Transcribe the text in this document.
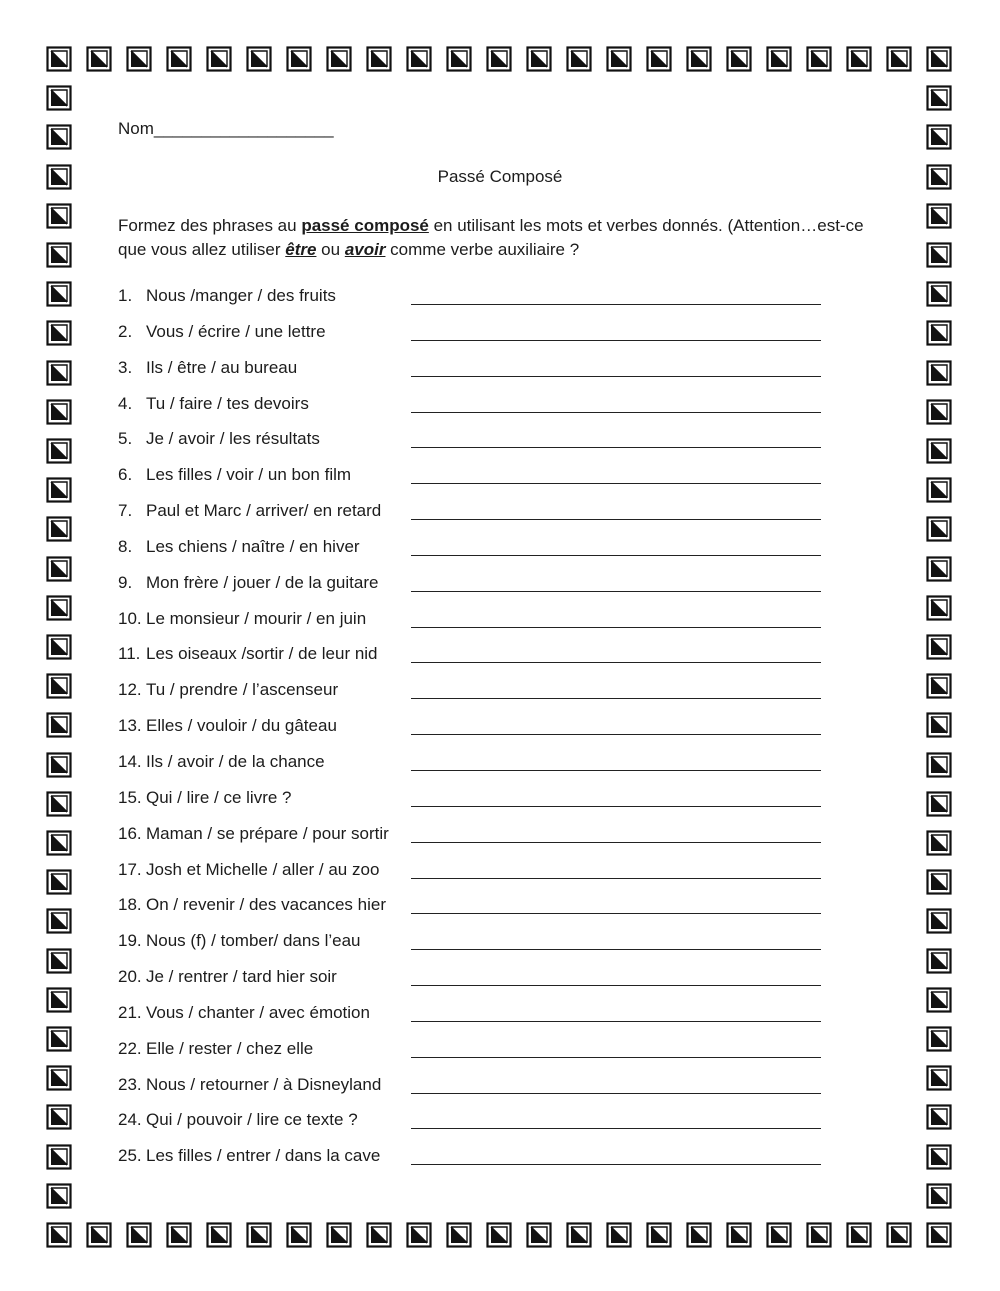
Nom___________________
Passé Composé
Formez des phrases au passé composé en utilisant les mots et verbes donnés. (Attention…est-ce que vous allez utiliser être ou avoir comme verbe auxiliaire ?
1. Nous /manger / des fruits
2. Vous / écrire / une lettre
3. Ils / être / au bureau
4. Tu / faire / tes devoirs
5. Je / avoir / les résultats
6. Les filles / voir / un bon film
7. Paul et Marc / arriver/ en retard
8. Les chiens / naître / en hiver
9. Mon frère / jouer / de la guitare
10. Le monsieur / mourir / en juin
11. Les oiseaux /sortir / de leur nid
12. Tu / prendre / l’ascenseur
13. Elles / vouloir / du gâteau
14. Ils / avoir / de la chance
15. Qui / lire / ce livre ?
16. Maman / se prépare / pour sortir
17. Josh et Michelle / aller / au zoo
18. On / revenir / des vacances hier
19. Nous (f) / tomber/ dans l’eau
20. Je / rentrer / tard hier soir
21. Vous / chanter / avec émotion
22. Elle / rester / chez elle
23. Nous / retourner / à Disneyland
24. Qui / pouvoir / lire ce texte ?
25. Les filles / entrer / dans la cave
